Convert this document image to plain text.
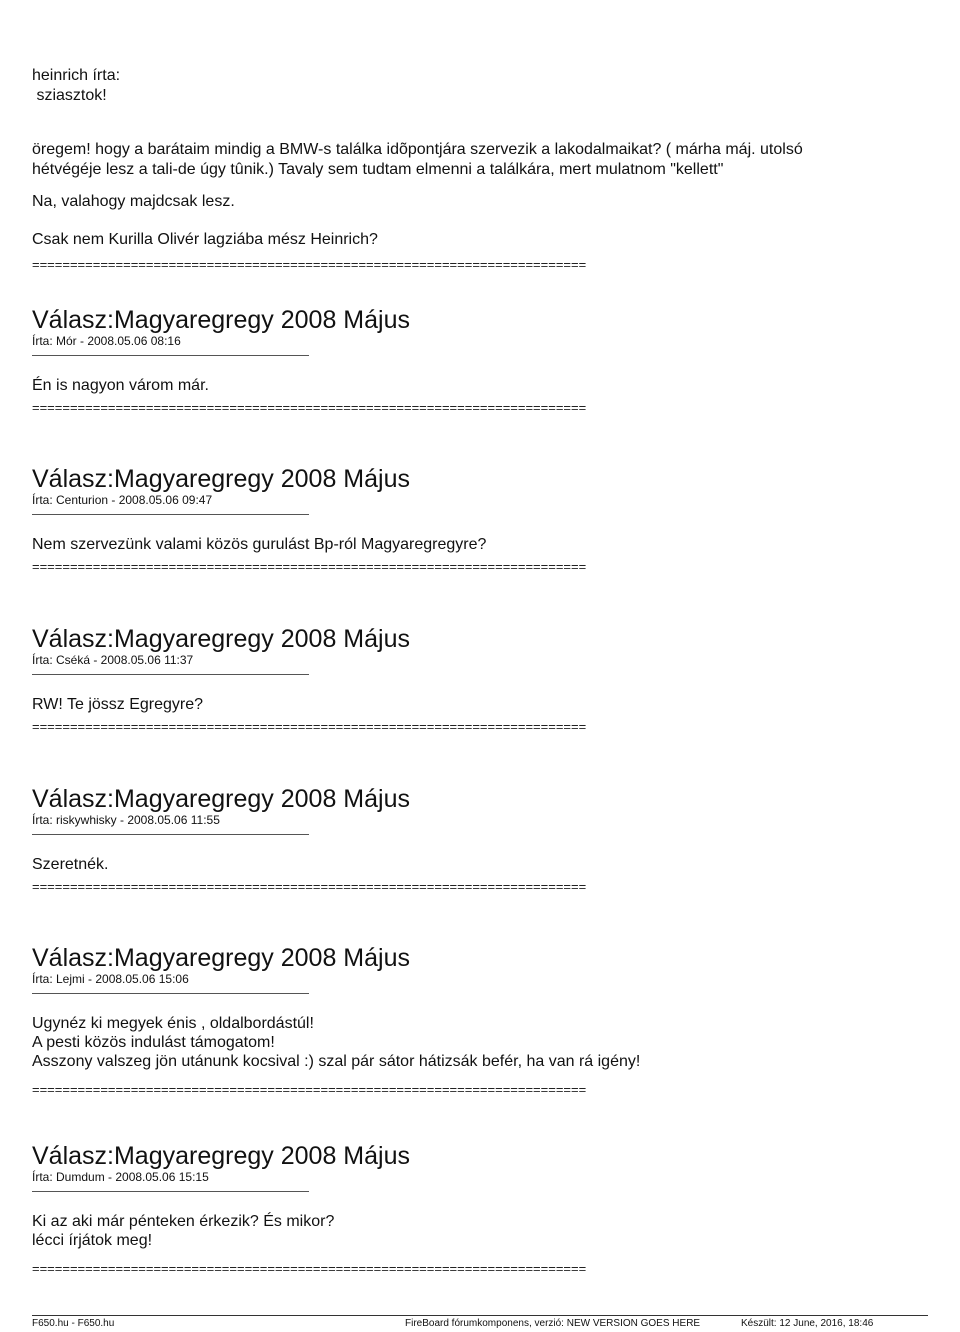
heinrich írta:
sziasztok!
öregem! hogy a barátaim mindig a BMW-s találka idõpontjára szervezik a lakodalmaikat? ( márha máj. utolsó
hétvégéje lesz a tali-de úgy tûnik.) Tavaly sem tudtam elmenni a találkára, mert mulatnom "kellett"
Na, valahogy majdcsak lesz.
Csak nem Kurilla Olivér lagziába mész Heinrich?
=========================================================================
Válasz:Magyaregregy 2008 Május
Írta: Mór - 2008.05.06 08:16
Én is nagyon várom már.
=========================================================================
Válasz:Magyaregregy 2008 Május
Írta: Centurion - 2008.05.06 09:47
Nem szervezünk valami közös gurulást Bp-ról Magyaregregyre?
=========================================================================
Válasz:Magyaregregy 2008 Május
Írta: Cséká - 2008.05.06 11:37
RW! Te jössz Egregyre?
=========================================================================
Válasz:Magyaregregy 2008 Május
Írta: riskywhisky - 2008.05.06 11:55
Szeretnék.
=========================================================================
Válasz:Magyaregregy 2008 Május
Írta: Lejmi - 2008.05.06 15:06
Ugynéz ki megyek énis , oldalbordástúl!
A pesti közös indulást támogatom!
Asszony valszeg jön utánunk kocsival :) szal pár sátor hátizsák befér, ha van rá igény!
=========================================================================
Válasz:Magyaregregy 2008 Május
Írta: Dumdum - 2008.05.06 15:15
Ki az aki már pénteken érkezik? És mikor?
lécci írjátok meg!
=========================================================================
F650.hu - F650.hu	FireBoard fórumkomponens, verzió: NEW VERSION GOES HERE	Készült: 12 June, 2016, 18:46
